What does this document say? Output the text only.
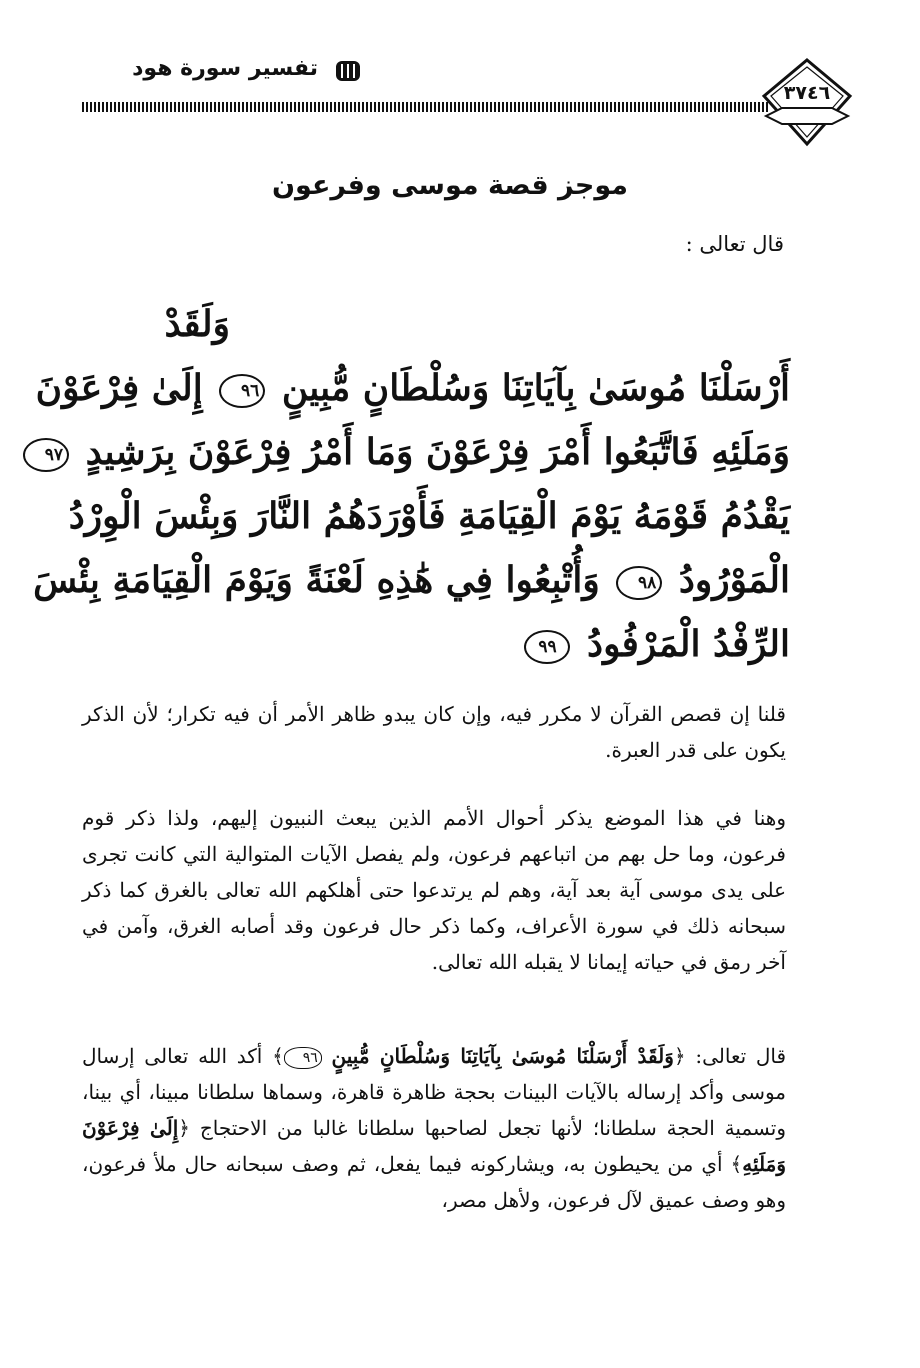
تفسير سورة هود
٣٧٤٦
موجز قصة موسى وفرعون
قال تعالى :
وَلَقَدْ
أَرْسَلْنَا مُوسَىٰ بِآيَاتِنَا وَسُلْطَانٍ مُّبِينٍ ٩٦ إِلَىٰ فِرْعَوْنَ
وَمَلَئِهِ فَاتَّبَعُوا أَمْرَ فِرْعَوْنَ وَمَا أَمْرُ فِرْعَوْنَ بِرَشِيدٍ ٩٧
يَقْدُمُ قَوْمَهُ يَوْمَ الْقِيَامَةِ فَأَوْرَدَهُمُ النَّارَ وَبِئْسَ الْوِرْدُ
الْمَوْرُودُ ٩٨ وَأُتْبِعُوا فِي هَٰذِهِ لَعْنَةً وَيَوْمَ الْقِيَامَةِ بِئْسَ
الرِّفْدُ الْمَرْفُودُ ٩٩
قلنا إن قصص القرآن لا مكرر فيه، وإن كان يبدو ظاهر الأمر أن فيه تكرار؛ لأن الذكر يكون على قدر العبرة.
وهنا في هذا الموضع يذكر أحوال الأمم الذين يبعث النبيون إليهم، ولذا ذكر قوم فرعون، وما حل بهم من اتباعهم فرعون، ولم يفصل الآيات المتوالية التي كانت تجرى على يدى موسى آية بعد آية، وهم لم يرتدعوا حتى أهلكهم الله تعالى بالغرق كما ذكر سبحانه ذلك في سورة الأعراف، وكما ذكر حال فرعون وقد أصابه الغرق، وآمن في آخر رمق في حياته إيمانا لا يقبله الله تعالى.
قال تعالى: ﴿وَلَقَدْ أَرْسَلْنَا مُوسَىٰ بِآيَاتِنَا وَسُلْطَانٍ مُّبِينٍ ٩٦﴾ أكد الله تعالى إرسال موسى وأكد إرساله بالآيات البينات بحجة ظاهرة قاهرة، وسماها سلطانا مبينا، أي بينا، وتسمية الحجة سلطانا؛ لأنها تجعل لصاحبها سلطانا غالبا من الاحتجاج ﴿إِلَىٰ فِرْعَوْنَ وَمَلَئِهِ﴾ أي من يحيطون به، ويشاركونه فيما يفعل، ثم وصف سبحانه حال ملأ فرعون، وهو وصف عميق لآل فرعون، ولأهل مصر،
